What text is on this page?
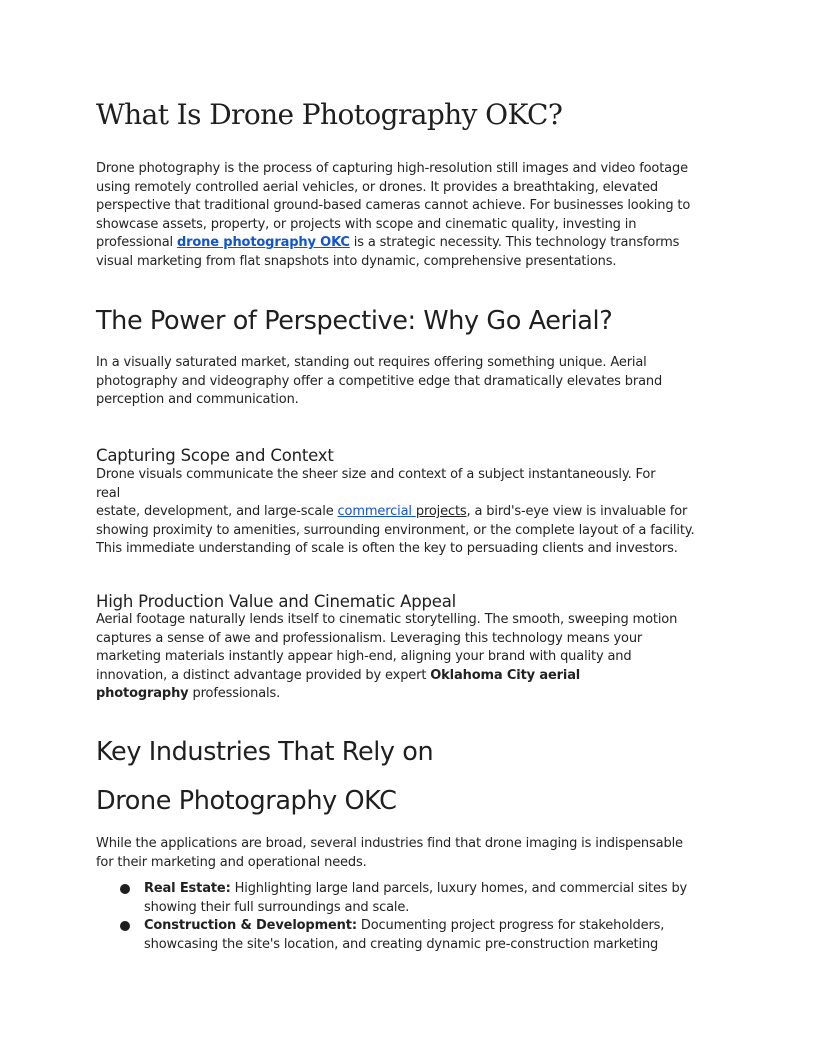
What Is Drone Photography OKC?

Drone photography is the process of capturing high-resolution still images and video footage
using remotely controlled aerial vehicles, or drones. It provides a breathtaking, elevated
perspective that traditional ground-based cameras cannot achieve. For businesses looking to
showcase assets, property, or projects with scope and cinematic quality, investing in
professional drone photography OKC is a strategic necessity. This technology transforms
visual marketing from flat snapshots into dynamic, comprehensive presentations.

The Power of Perspective: Why Go Aerial?

In a visually saturated market, standing out requires offering something unique. Aerial
photography and videography offer a competitive edge that dramatically elevates brand
perception and communication.

Capturing Scope and Context

Drone visuals communicate the sheer size and context of a subject instantaneously. For
real
estate, development, and large-scale commercial projects, a bird's-eye view is invaluable for
showing proximity to amenities, surrounding environment, or the complete layout of a facility.
This immediate understanding of scale is often the key to persuading clients and investors.

High Production Value and Cinematic Appeal

Aerial footage naturally lends itself to cinematic storytelling. The smooth, sweeping motion
captures a sense of awe and professionalism. Leveraging this technology means your
marketing materials instantly appear high-end, aligning your brand with quality and
innovation, a distinct advantage provided by expert Oklahoma City aerial
photography professionals.

Key Industries That Rely on
Drone Photography OKC

While the applications are broad, several industries find that drone imaging is indispensable
for their marketing and operational needs.

Real Estate: Highlighting large land parcels, luxury homes, and commercial sites by
showing their full surroundings and scale.
Construction & Development: Documenting project progress for stakeholders,
showcasing the site's location, and creating dynamic pre-construction marketing
